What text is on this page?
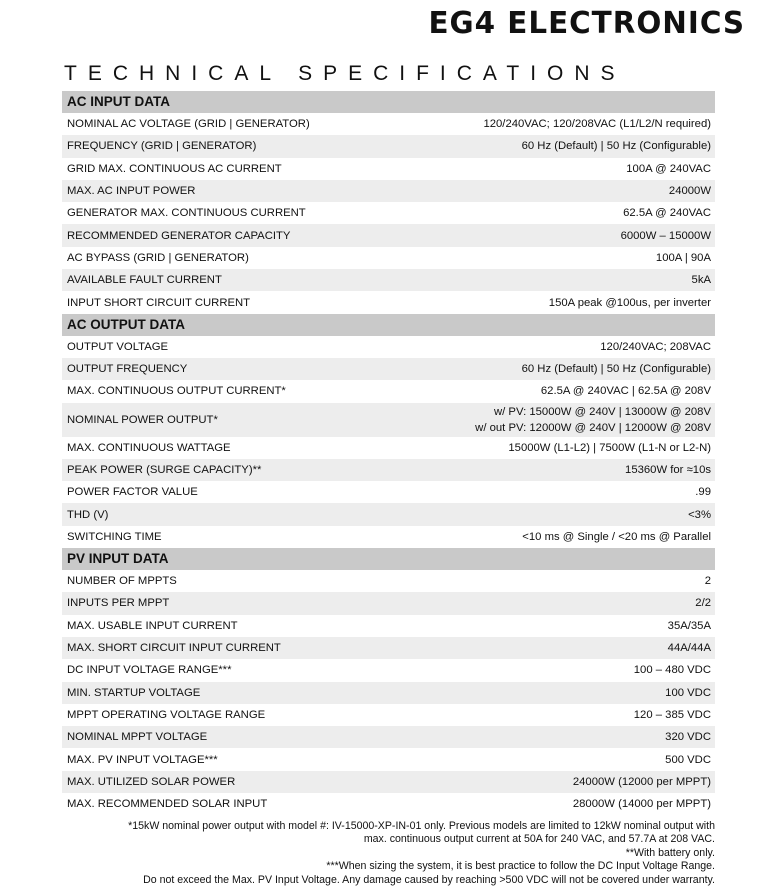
EG4 ELECTRONICS
TECHNICAL SPECIFICATIONS
AC INPUT DATA
NOMINAL AC VOLTAGE (GRID | GENERATOR)	120/240VAC; 120/208VAC (L1/L2/N required)
FREQUENCY (GRID | GENERATOR)	60 Hz (Default) | 50 Hz (Configurable)
GRID MAX. CONTINUOUS AC CURRENT	100A @ 240VAC
MAX. AC INPUT POWER	24000W
GENERATOR MAX. CONTINUOUS CURRENT	62.5A @ 240VAC
RECOMMENDED GENERATOR CAPACITY	6000W – 15000W
AC BYPASS (GRID | GENERATOR)	100A | 90A
AVAILABLE FAULT CURRENT	5kA
INPUT SHORT CIRCUIT CURRENT	150A peak @100us, per inverter
AC OUTPUT DATA
OUTPUT VOLTAGE	120/240VAC; 208VAC
OUTPUT FREQUENCY	60 Hz (Default) | 50 Hz (Configurable)
MAX. CONTINUOUS OUTPUT CURRENT*	62.5A @ 240VAC | 62.5A @ 208V
NOMINAL POWER OUTPUT*
w/ PV: 15000W @ 240V | 13000W @ 208V
w/ out PV: 12000W @ 240V | 12000W @ 208V
MAX. CONTINUOUS WATTAGE	15000W (L1-L2) | 7500W (L1-N or L2-N)
PEAK POWER (SURGE CAPACITY)**	15360W for ≈10s
POWER FACTOR VALUE	.99
THD (V)	<3%
SWITCHING TIME	<10 ms @ Single / <20 ms @ Parallel
PV INPUT DATA
NUMBER OF MPPTS	2
INPUTS PER MPPT	2/2
MAX. USABLE INPUT CURRENT	35A/35A
MAX. SHORT CIRCUIT INPUT CURRENT	44A/44A
DC INPUT VOLTAGE RANGE***	100 – 480 VDC
MIN. STARTUP VOLTAGE	100 VDC
MPPT OPERATING VOLTAGE RANGE	120 – 385 VDC
NOMINAL MPPT VOLTAGE	320 VDC
MAX. PV INPUT VOLTAGE***	500 VDC
MAX. UTILIZED SOLAR POWER	24000W (12000 per MPPT)
MAX. RECOMMENDED SOLAR INPUT	28000W (14000 per MPPT)
*15kW nominal power output with model #: IV-15000-XP-IN-01 only. Previous models are limited to 12kW nominal output with
max. continuous output current at 50A for 240 VAC, and 57.7A at 208 VAC.
**With battery only.
***When sizing the system, it is best practice to follow the DC Input Voltage Range.
Do not exceed the Max. PV Input Voltage. Any damage caused by reaching >500 VDC will not be covered under warranty.
